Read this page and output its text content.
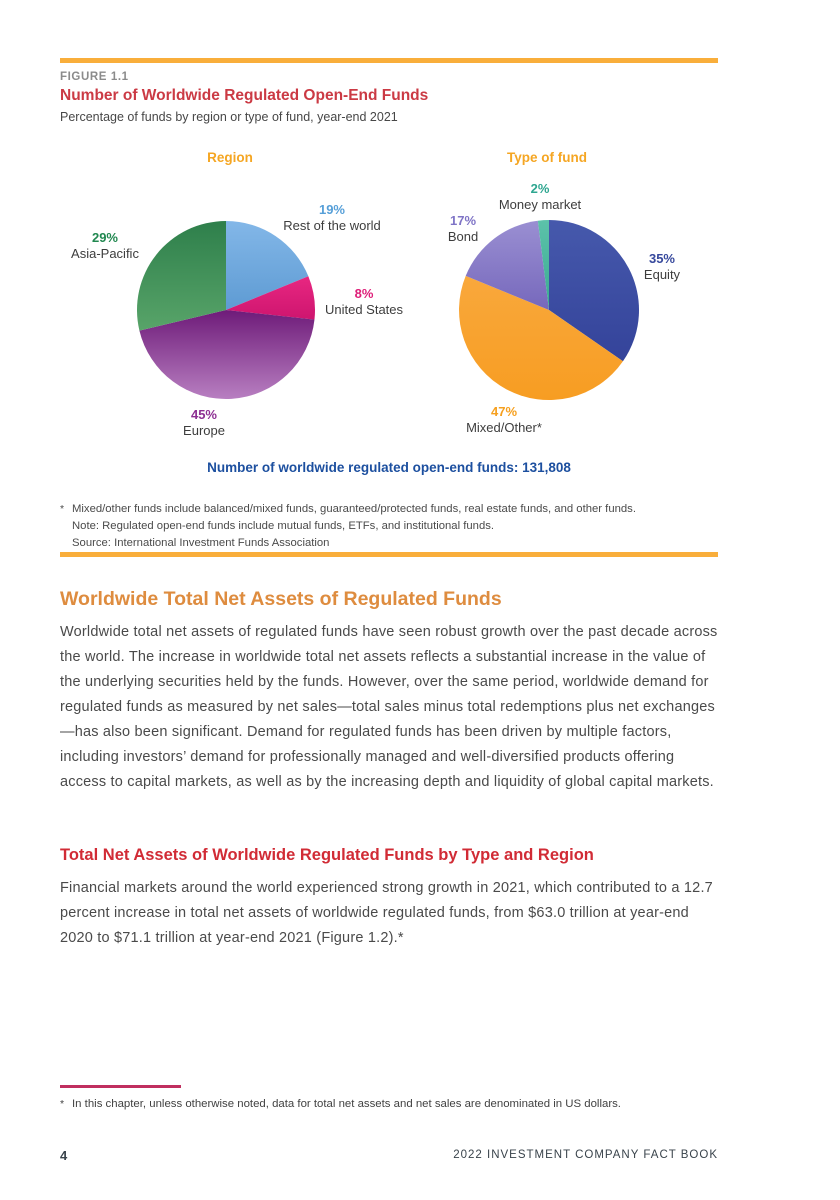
FIGURE 1.1
Number of Worldwide Regulated Open-End Funds
Percentage of funds by region or type of fund, year-end 2021
Region
19%
Rest of the world
8%
United States
45%
Europe
29%
Asia-Pacific
Type of fund
35%
Equity
47%
Mixed/Other*
17%
Bond
2%
Money market
Number of worldwide regulated open-end funds: 131,808
* Mixed/other funds include balanced/mixed funds, guaranteed/protected funds, real estate funds, and other funds.
Note: Regulated open-end funds include mutual funds, ETFs, and institutional funds.
Source: International Investment Funds Association
Worldwide Total Net Assets of Regulated Funds
Worldwide total net assets of regulated funds have seen robust growth over the past decade across the world. The increase in worldwide total net assets reflects a substantial increase in the value of the underlying securities held by the funds. However, over the same period, worldwide demand for regulated funds as measured by net sales—total sales minus total redemptions plus net exchanges—has also been significant. Demand for regulated funds has been driven by multiple factors, including investors’ demand for professionally managed and well-diversified products offering access to capital markets, as well as by the increasing depth and liquidity of global capital markets.
Total Net Assets of Worldwide Regulated Funds by Type and Region
Financial markets around the world experienced strong growth in 2021, which contributed to a 12.7 percent increase in total net assets of worldwide regulated funds, from $63.0 trillion at year-end 2020 to $71.1 trillion at year-end 2021 (Figure 1.2).*
* In this chapter, unless otherwise noted, data for total net assets and net sales are denominated in US dollars.
4	2022 INVESTMENT COMPANY FACT BOOK
